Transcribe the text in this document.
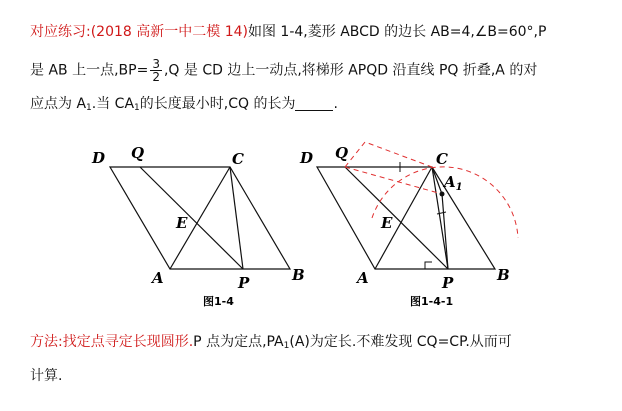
对应练习:(2018 高新一中二模 14)如图 1-4,菱形 ABCD 的边长 AB=4,∠B=60°,P
是 AB 上一点$,BP= \frac{3}{2} ,Q$ 是 CD 边上一动点,将梯形 APQD 沿直线 PQ 折叠,A 的对
应点为 $A_1$.当 $CA_1$的长度最小时,CQ 的长为	.
D Q	C
E
A	P	B
图1-4
D Q	C
$A_1$
E
A	P	B
图1-4-1
方法:找定点寻定长现圆形.P 点为定点$,PA_1(A)$为定长.不难发现 CQ=CP.从而可
计算.
